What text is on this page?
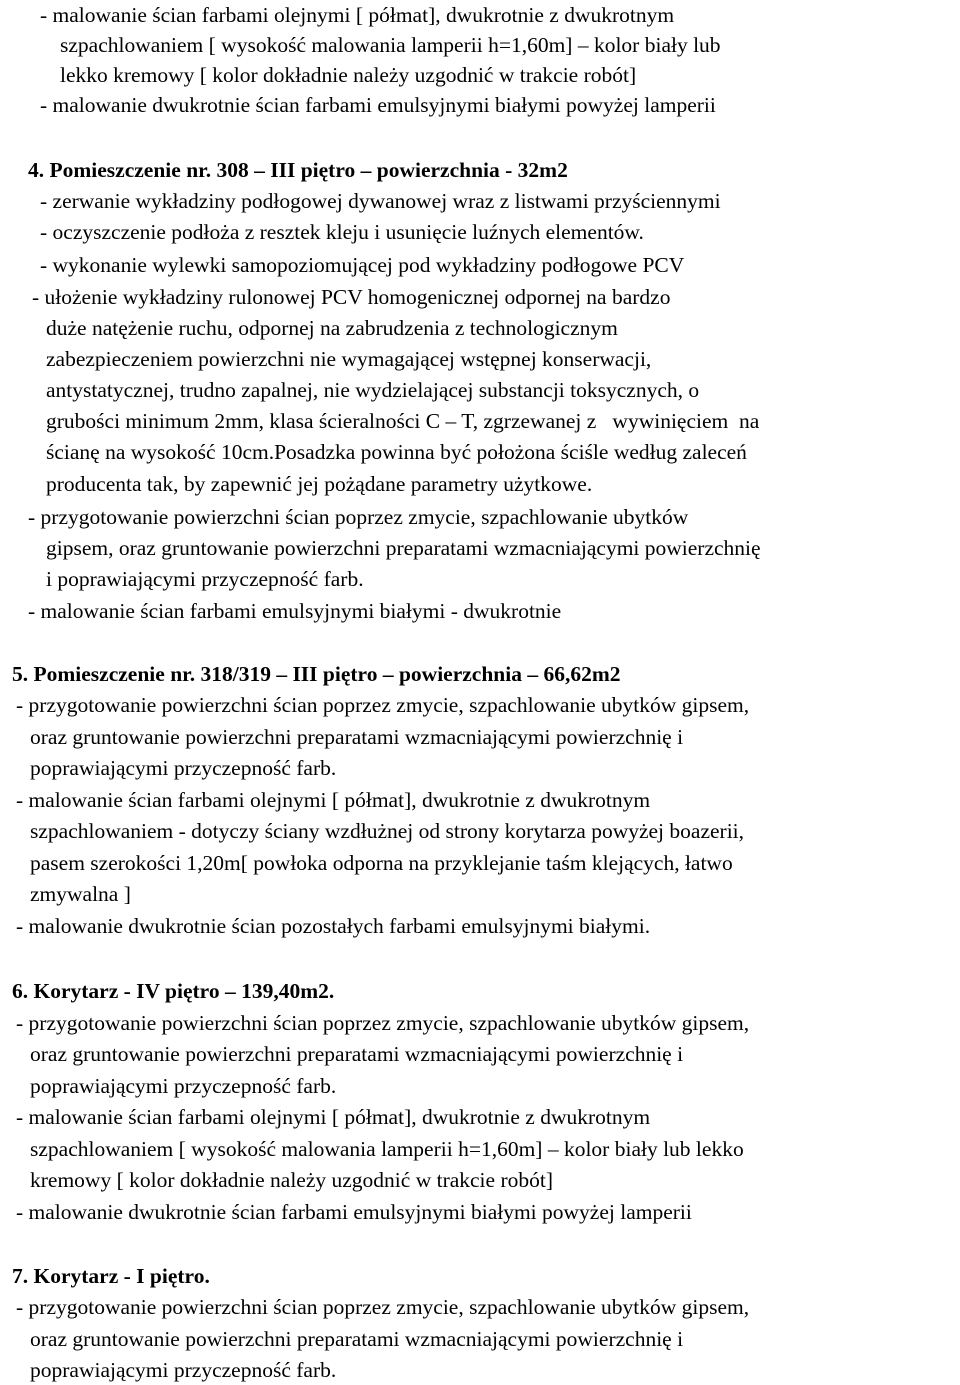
- malowanie ścian farbami olejnymi [ półmat], dwukrotnie z dwukrotnym
szpachlowaniem [ wysokość malowania lamperii h=1,60m] – kolor biały lub
lekko kremowy [ kolor dokładnie należy uzgodnić w trakcie robót]
- malowanie dwukrotnie ścian farbami emulsyjnymi białymi powyżej lamperii
4. Pomieszczenie nr. 308 – III piętro – powierzchnia - 32m2
- zerwanie wykładziny podłogowej dywanowej wraz z listwami przyściennymi
- oczyszczenie podłoża z resztek kleju i usunięcie luźnych elementów.
- wykonanie wylewki samopoziomującej pod wykładziny podłogowe PCV
- ułożenie wykładziny rulonowej PCV homogenicznej odpornej na bardzo
duże natężenie ruchu, odpornej na zabrudzenia z technologicznym
zabezpieczeniem powierzchni nie wymagającej wstępnej konserwacji,
antystatycznej, trudno zapalnej, nie wydzielającej substancji toksycznych, o
grubości minimum 2mm, klasa ścieralności C – T, zgrzewanej z   wywinięciem  na
ścianę na wysokość 10cm.Posadzka powinna być położona ściśle według zaleceń
producenta tak, by zapewnić jej pożądane parametry użytkowe.
- przygotowanie powierzchni ścian poprzez zmycie, szpachlowanie ubytków
gipsem, oraz gruntowanie powierzchni preparatami wzmacniającymi powierzchnię
i poprawiającymi przyczepność farb.
- malowanie ścian farbami emulsyjnymi białymi - dwukrotnie
5. Pomieszczenie nr. 318/319 – III piętro – powierzchnia – 66,62m2
- przygotowanie powierzchni ścian poprzez zmycie, szpachlowanie ubytków gipsem,
oraz gruntowanie powierzchni preparatami wzmacniającymi powierzchnię i
poprawiającymi przyczepność farb.
- malowanie ścian farbami olejnymi [ półmat], dwukrotnie z dwukrotnym
szpachlowaniem - dotyczy ściany wzdłużnej od strony korytarza powyżej boazerii,
pasem szerokości 1,20m[ powłoka odporna na przyklejanie taśm klejących, łatwo
zmywalna ]
- malowanie dwukrotnie ścian pozostałych farbami emulsyjnymi białymi.
6. Korytarz - IV piętro – 139,40m2.
- przygotowanie powierzchni ścian poprzez zmycie, szpachlowanie ubytków gipsem,
oraz gruntowanie powierzchni preparatami wzmacniającymi powierzchnię i
poprawiającymi przyczepność farb.
- malowanie ścian farbami olejnymi [ półmat], dwukrotnie z dwukrotnym
szpachlowaniem [ wysokość malowania lamperii h=1,60m] – kolor biały lub lekko
kremowy [ kolor dokładnie należy uzgodnić w trakcie robót]
- malowanie dwukrotnie ścian farbami emulsyjnymi białymi powyżej lamperii
7. Korytarz - I piętro.
- przygotowanie powierzchni ścian poprzez zmycie, szpachlowanie ubytków gipsem,
oraz gruntowanie powierzchni preparatami wzmacniającymi powierzchnię i
poprawiającymi przyczepność farb.
